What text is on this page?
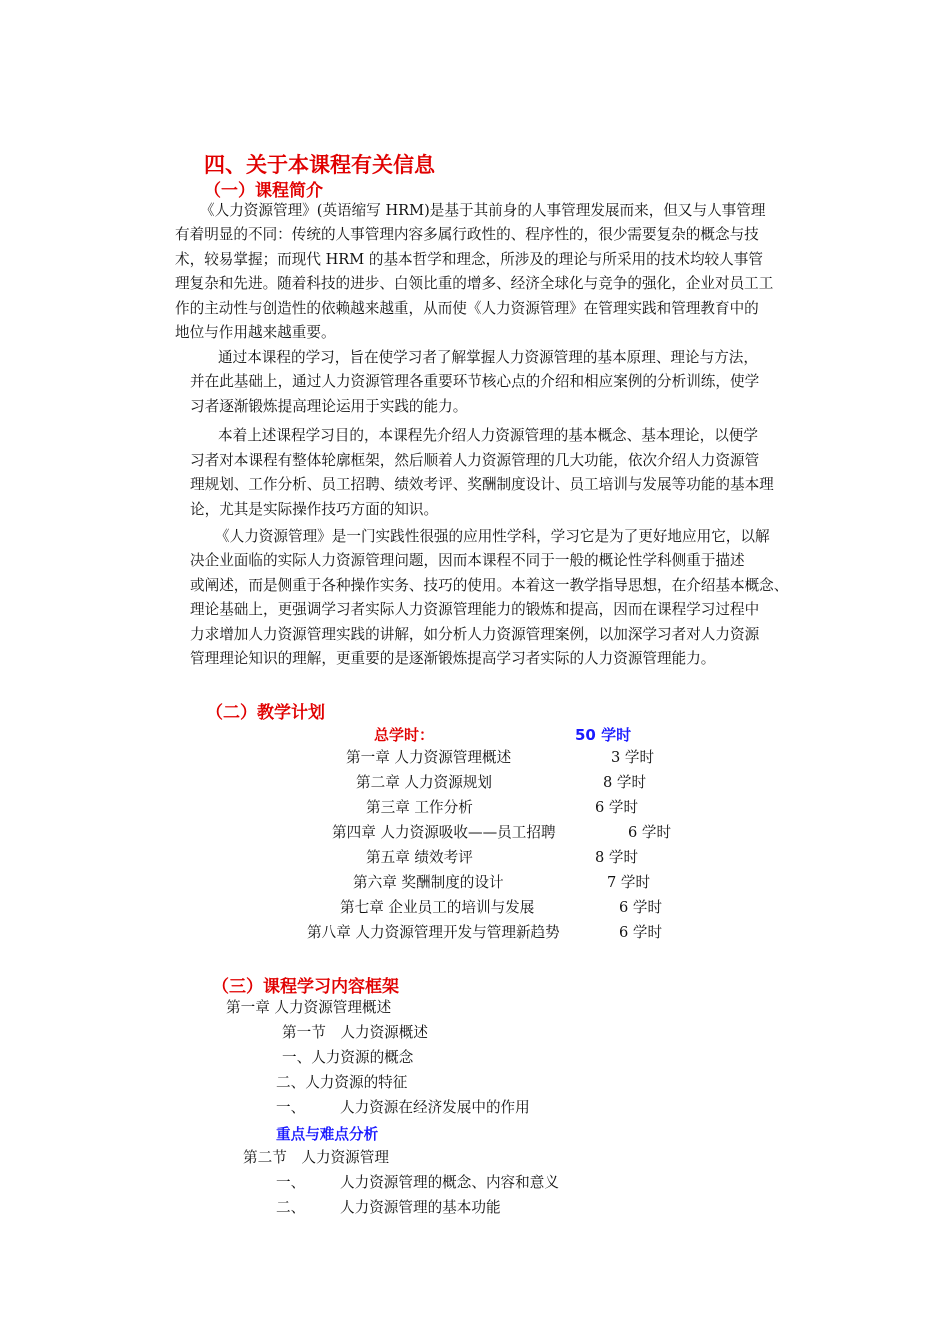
四、关于本课程有关信息
（一）课程简介
《人力资源管理》(英语缩写 HRM)是基于其前身的人事管理发展而来，但又与人事管理
有着明显的不同：传统的人事管理内容多属行政性的、程序性的，很少需要复杂的概念与技
术，较易掌握；而现代 HRM 的基本哲学和理念，所涉及的理论与所采用的技术均较人事管
理复杂和先进。随着科技的进步、白领比重的增多、经济全球化与竞争的强化，企业对员工工
作的主动性与创造性的依赖越来越重，从而使《人力资源管理》在管理实践和管理教育中的
地位与作用越来越重要。
通过本课程的学习，旨在使学习者了解掌握人力资源管理的基本原理、理论与方法，
并在此基础上，通过人力资源管理各重要环节核心点的介绍和相应案例的分析训练，使学
习者逐渐锻炼提高理论运用于实践的能力。
本着上述课程学习目的，本课程先介绍人力资源管理的基本概念、基本理论，以便学
习者对本课程有整体轮廓框架，然后顺着人力资源管理的几大功能，依次介绍人力资源管
理规划、工作分析、员工招聘、绩效考评、奖酬制度设计、员工培训与发展等功能的基本理
论，尤其是实际操作技巧方面的知识。
《人力资源管理》是一门实践性很强的应用性学科，学习它是为了更好地应用它，以解
决企业面临的实际人力资源管理问题，因而本课程不同于一般的概论性学科侧重于描述
或阐述，而是侧重于各种操作实务、技巧的使用。本着这一教学指导思想，在介绍基本概念、
理论基础上，更强调学习者实际人力资源管理能力的锻炼和提高，因而在课程学习过程中
力求增加人力资源管理实践的讲解，如分析人力资源管理案例，以加深学习者对人力资源
管理理论知识的理解，更重要的是逐渐锻炼提高学习者实际的人力资源管理能力。
（二）教学计划
总学时：	50 学时
第一章 人力资源管理概述	3 学时
第二章 人力资源规划	8 学时
第三章 工作分析	6 学时
第四章 人力资源吸收——员工招聘	6 学时
第五章 绩效考评	8 学时
第六章 奖酬制度的设计	7 学时
第七章 企业员工的培训与发展	6 学时
第八章 人力资源管理开发与管理新趋势	6 学时
（三）课程学习内容框架
第一章 人力资源管理概述
第一节　人力资源概述
一、人力资源的概念
二、人力资源的特征
一、 人力资源在经济发展中的作用
重点与难点分析
第二节　人力资源管理
一、 人力资源管理的概念、内容和意义
二、 人力资源管理的基本功能
